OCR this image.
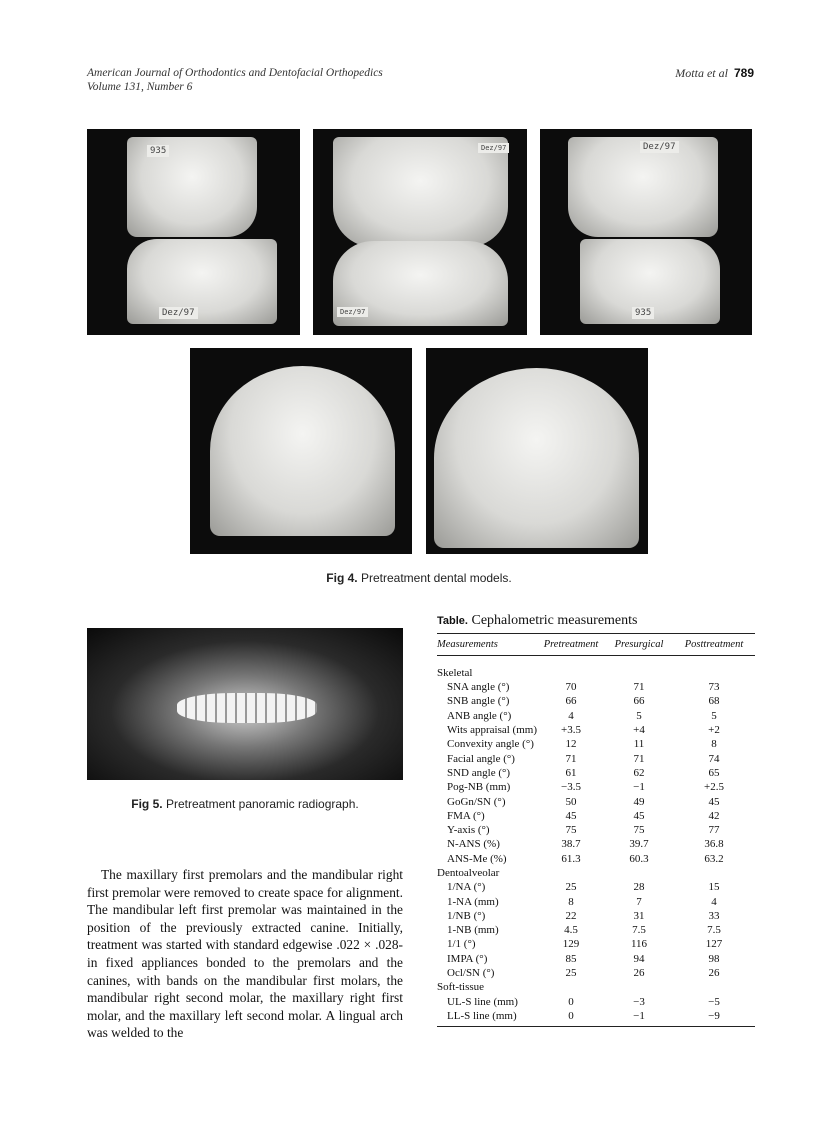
American Journal of Orthodontics and Dentofacial Orthopedics
Volume 131, Number 6
Motta et al 789
935
Dez/97
Dez/97
Dez/97
Dez/97
935
Fig 4. Pretreatment dental models.
Fig 5. Pretreatment panoramic radiograph.

The maxillary first premolars and the mandibular right first premolar were removed to create space for alignment. The mandibular left first premolar was maintained in the position of the previously extracted canine. Initially, treatment was started with standard edgewise .022 × .028-in fixed appliances bonded to the premolars and the canines, with bands on the mandibular first molars, the mandibular right second molar, the maxillary right first molar, and the maxillary left second molar. A lingual arch was welded to the

Table. Cephalometric measurements
Measurements	Pretreatment	Presurgical	Posttreatment
Skeletal			
SNA angle (°)	70	71	73
SNB angle (°)	66	66	68
ANB angle (°)	4	5	5
Wits appraisal (mm)	+3.5	+4	+2
Convexity angle (°)	12	11	8
Facial angle (°)	71	71	74
SND angle (°)	61	62	65
Pog-NB (mm)	−3.5	−1	+2.5
GoGn/SN (°)	50	49	45
FMA (°)	45	45	42
Y-axis (°)	75	75	77
N-ANS (%)	38.7	39.7	36.8
ANS-Me (%)	61.3	60.3	63.2
Dentoalveolar			
1/NA (°)	25	28	15
1-NA (mm)	8	7	4
1/NB (°)	22	31	33
1-NB (mm)	4.5	7.5	7.5
1/1 (°)	129	116	127
IMPA (°)	85	94	98
Ocl/SN (°)	25	26	26
Soft-tissue			
UL-S line (mm)	0	−3	−5
LL-S line (mm)	0	−1	−9
